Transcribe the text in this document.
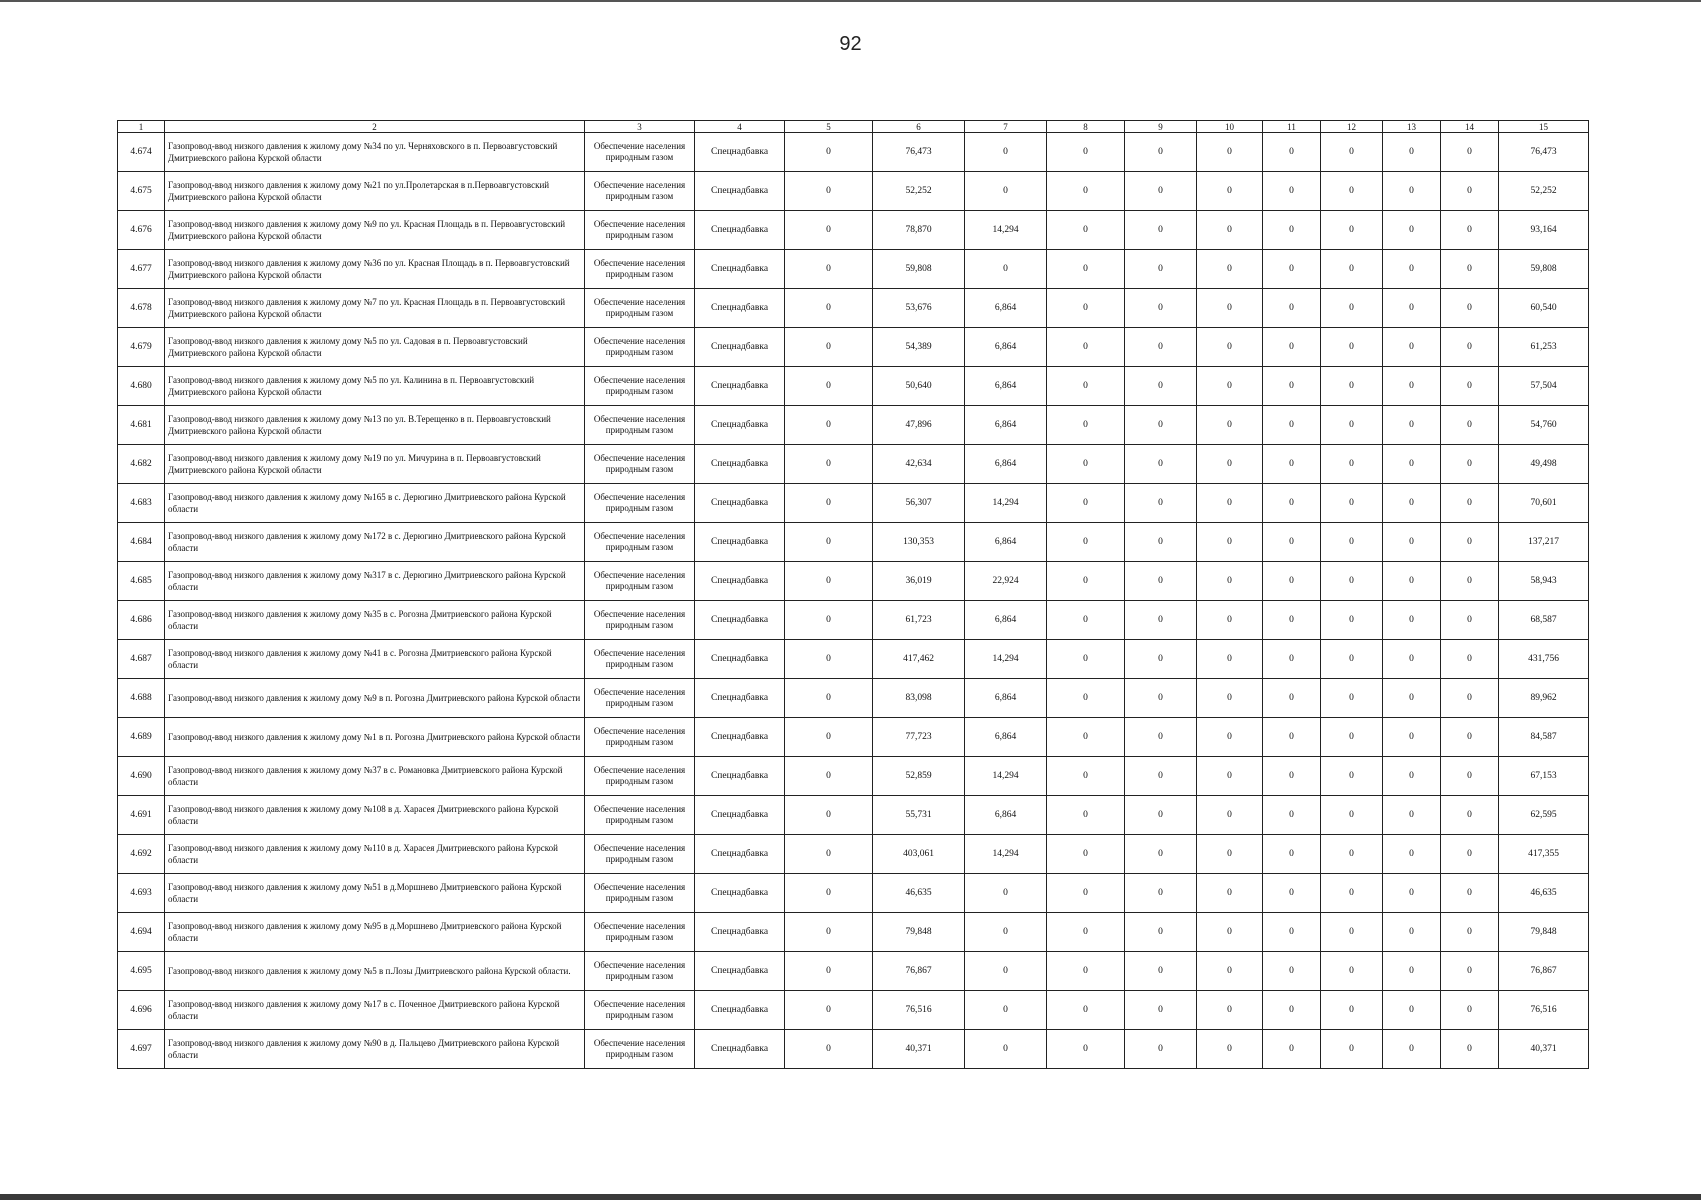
92
1	2	3	4	5	6	7	8	9	10	11	12	13	14	15
4.674	Газопровод-ввод низкого давления к жилому дому №34 по ул. Черняховского в п. Первоавгустовский Дмитриевского района Курской области	Обеспечение населения природным газом	Спецнадбавка	0	76,473	0	0	0	0	0	0	0	0	76,473
4.675	Газопровод-ввод низкого давления к жилому дому №21 по ул.Пролетарская в п.Первоавгустовский Дмитриевского района Курской области	Обеспечение населения природным газом	Спецнадбавка	0	52,252	0	0	0	0	0	0	0	0	52,252
4.676	Газопровод-ввод низкого давления к жилому дому №9 по ул. Красная Площадь в п. Первоавгустовский Дмитриевского района Курской области	Обеспечение населения природным газом	Спецнадбавка	0	78,870	14,294	0	0	0	0	0	0	0	93,164
4.677	Газопровод-ввод низкого давления к жилому дому №36 по ул. Красная Площадь в п. Первоавгустовский Дмитриевского района Курской области	Обеспечение населения природным газом	Спецнадбавка	0	59,808	0	0	0	0	0	0	0	0	59,808
4.678	Газопровод-ввод низкого давления к жилому дому №7 по ул. Красная Площадь в п. Первоавгустовский Дмитриевского района Курской области	Обеспечение населения природным газом	Спецнадбавка	0	53,676	6,864	0	0	0	0	0	0	0	60,540
4.679	Газопровод-ввод низкого давления к жилому дому №5 по ул. Садовая в п. Первоавгустовский Дмитриевского района Курской области	Обеспечение населения природным газом	Спецнадбавка	0	54,389	6,864	0	0	0	0	0	0	0	61,253
4.680	Газопровод-ввод низкого давления к жилому дому №5 по ул. Калинина в п. Первоавгустовский Дмитриевского района Курской области	Обеспечение населения природным газом	Спецнадбавка	0	50,640	6,864	0	0	0	0	0	0	0	57,504
4.681	Газопровод-ввод низкого давления к жилому дому №13 по ул. В.Терещенко в п. Первоавгустовский Дмитриевского района Курской области	Обеспечение населения природным газом	Спецнадбавка	0	47,896	6,864	0	0	0	0	0	0	0	54,760
4.682	Газопровод-ввод низкого давления к жилому дому №19 по ул. Мичурина в п. Первоавгустовский Дмитриевского района Курской области	Обеспечение населения природным газом	Спецнадбавка	0	42,634	6,864	0	0	0	0	0	0	0	49,498
4.683	Газопровод-ввод низкого давления к жилому дому №165 в с. Дерюгино Дмитриевского района Курской области	Обеспечение населения природным газом	Спецнадбавка	0	56,307	14,294	0	0	0	0	0	0	0	70,601
4.684	Газопровод-ввод низкого давления к жилому дому №172 в с. Дерюгино Дмитриевского района Курской области	Обеспечение населения природным газом	Спецнадбавка	0	130,353	6,864	0	0	0	0	0	0	0	137,217
4.685	Газопровод-ввод низкого давления к жилому дому №317 в с. Дерюгино Дмитриевского района Курской области	Обеспечение населения природным газом	Спецнадбавка	0	36,019	22,924	0	0	0	0	0	0	0	58,943
4.686	Газопровод-ввод низкого давления к жилому дому №35 в с. Рогозна Дмитриевского района Курской области	Обеспечение населения природным газом	Спецнадбавка	0	61,723	6,864	0	0	0	0	0	0	0	68,587
4.687	Газопровод-ввод низкого давления к жилому дому №41 в с. Рогозна Дмитриевского района Курской области	Обеспечение населения природным газом	Спецнадбавка	0	417,462	14,294	0	0	0	0	0	0	0	431,756
4.688	Газопровод-ввод низкого давления к жилому дому №9 в п. Рогозна Дмитриевского района Курской области	Обеспечение населения природным газом	Спецнадбавка	0	83,098	6,864	0	0	0	0	0	0	0	89,962
4.689	Газопровод-ввод низкого давления к жилому дому №1 в п. Рогозна Дмитриевского района Курской области	Обеспечение населения природным газом	Спецнадбавка	0	77,723	6,864	0	0	0	0	0	0	0	84,587
4.690	Газопровод-ввод низкого давления к жилому дому №37 в с. Романовка Дмитриевского района Курской области	Обеспечение населения природным газом	Спецнадбавка	0	52,859	14,294	0	0	0	0	0	0	0	67,153
4.691	Газопровод-ввод низкого давления к жилому дому №108 в д. Харасея Дмитриевского района Курской области	Обеспечение населения природным газом	Спецнадбавка	0	55,731	6,864	0	0	0	0	0	0	0	62,595
4.692	Газопровод-ввод низкого давления к жилому дому №110 в д. Харасея Дмитриевского района Курской области	Обеспечение населения природным газом	Спецнадбавка	0	403,061	14,294	0	0	0	0	0	0	0	417,355
4.693	Газопровод-ввод низкого давления к жилому дому №51 в д.Моршнево Дмитриевского района Курской области	Обеспечение населения природным газом	Спецнадбавка	0	46,635	0	0	0	0	0	0	0	0	46,635
4.694	Газопровод-ввод низкого давления к жилому дому №95 в д.Моршнево Дмитриевского района Курской области	Обеспечение населения природным газом	Спецнадбавка	0	79,848	0	0	0	0	0	0	0	0	79,848
4.695	Газопровод-ввод низкого давления к жилому дому №5 в п.Лозы Дмитриевского района Курской области.	Обеспечение населения природным газом	Спецнадбавка	0	76,867	0	0	0	0	0	0	0	0	76,867
4.696	Газопровод-ввод низкого давления к жилому дому №17 в с. Поченное Дмитриевского района Курской области	Обеспечение населения природным газом	Спецнадбавка	0	76,516	0	0	0	0	0	0	0	0	76,516
4.697	Газопровод-ввод низкого давления к жилому дому №90 в д. Пальцево Дмитриевского района Курской области	Обеспечение населения природным газом	Спецнадбавка	0	40,371	0	0	0	0	0	0	0	0	40,371
